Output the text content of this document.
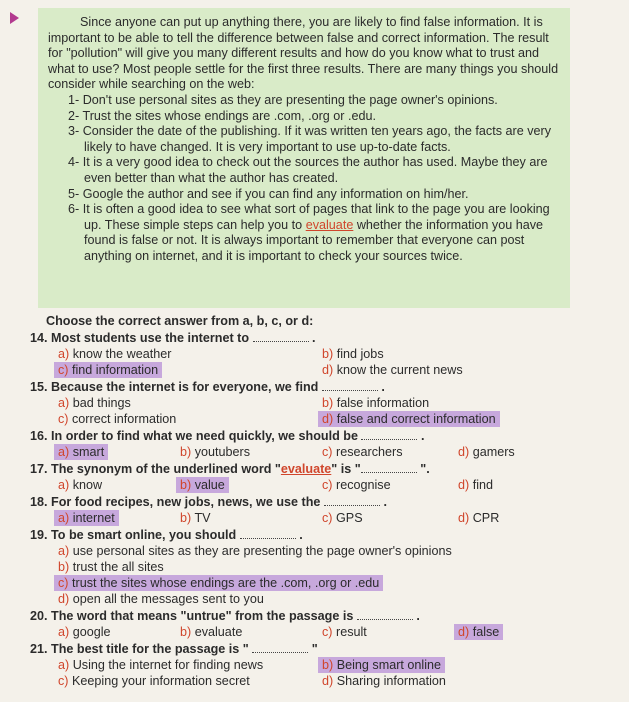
Since anyone can put up anything there, you are likely to find false information. It is important to be able to tell the difference between false and correct information. The result for "pollution" will give you many different results and how do you know what to trust and what to use? Most people settle for the first three results. There are many things you should consider while searching on the web:

1- Don't use personal sites as they are presenting the page owner's opinions.
2- Trust the sites whose endings are .com, .org or .edu.
3- Consider the date of the publishing. If it was written ten years ago, the facts are very likely to have changed. It is very important to use up-to-date facts.
4- It is a very good idea to check out the sources the author has used. Maybe they are even better than what the author has created.
5- Google the author and see if you can find any information on him/her.
6- It is often a good idea to see what sort of pages that link to the page you are looking up. These simple steps can help you to evaluate whether the information you have found is false or not. It is always important to remember that everyone can post anything on internet, and it is important to check your sources twice.
Choose the correct answer from a, b, c, or d:
14. Most students use the internet to	.
a) know the weather	b) find jobs
c) find information	d) know the current news
15. Because the internet is for everyone, we find	.
a) bad things	b) false information
c) correct information	d) false and correct information
16. In order to find what we need quickly, we should be	.
a) smart	b) youtubers	c) researchers	d) gamers
17. The synonym of the underlined word "evaluate" is "	".
a) know	b) value	c) recognise	d) find
18. For food recipes, new jobs, news, we use the	.
a) internet	b) TV	c) GPS	d) CPR
19. To be smart online, you should	.
a) use personal sites as they are presenting the page owner's opinions
b) trust the all sites
c) trust the sites whose endings are the .com, .org or .edu
d) open all the messages sent to you
20. The word that means "untrue" from the passage is	.
a) google	b) evaluate	c) result	d) false
21. The best title for the passage is "	"
a) Using the internet for finding news	b) Being smart online
c) Keeping your information secret	d) Sharing information
